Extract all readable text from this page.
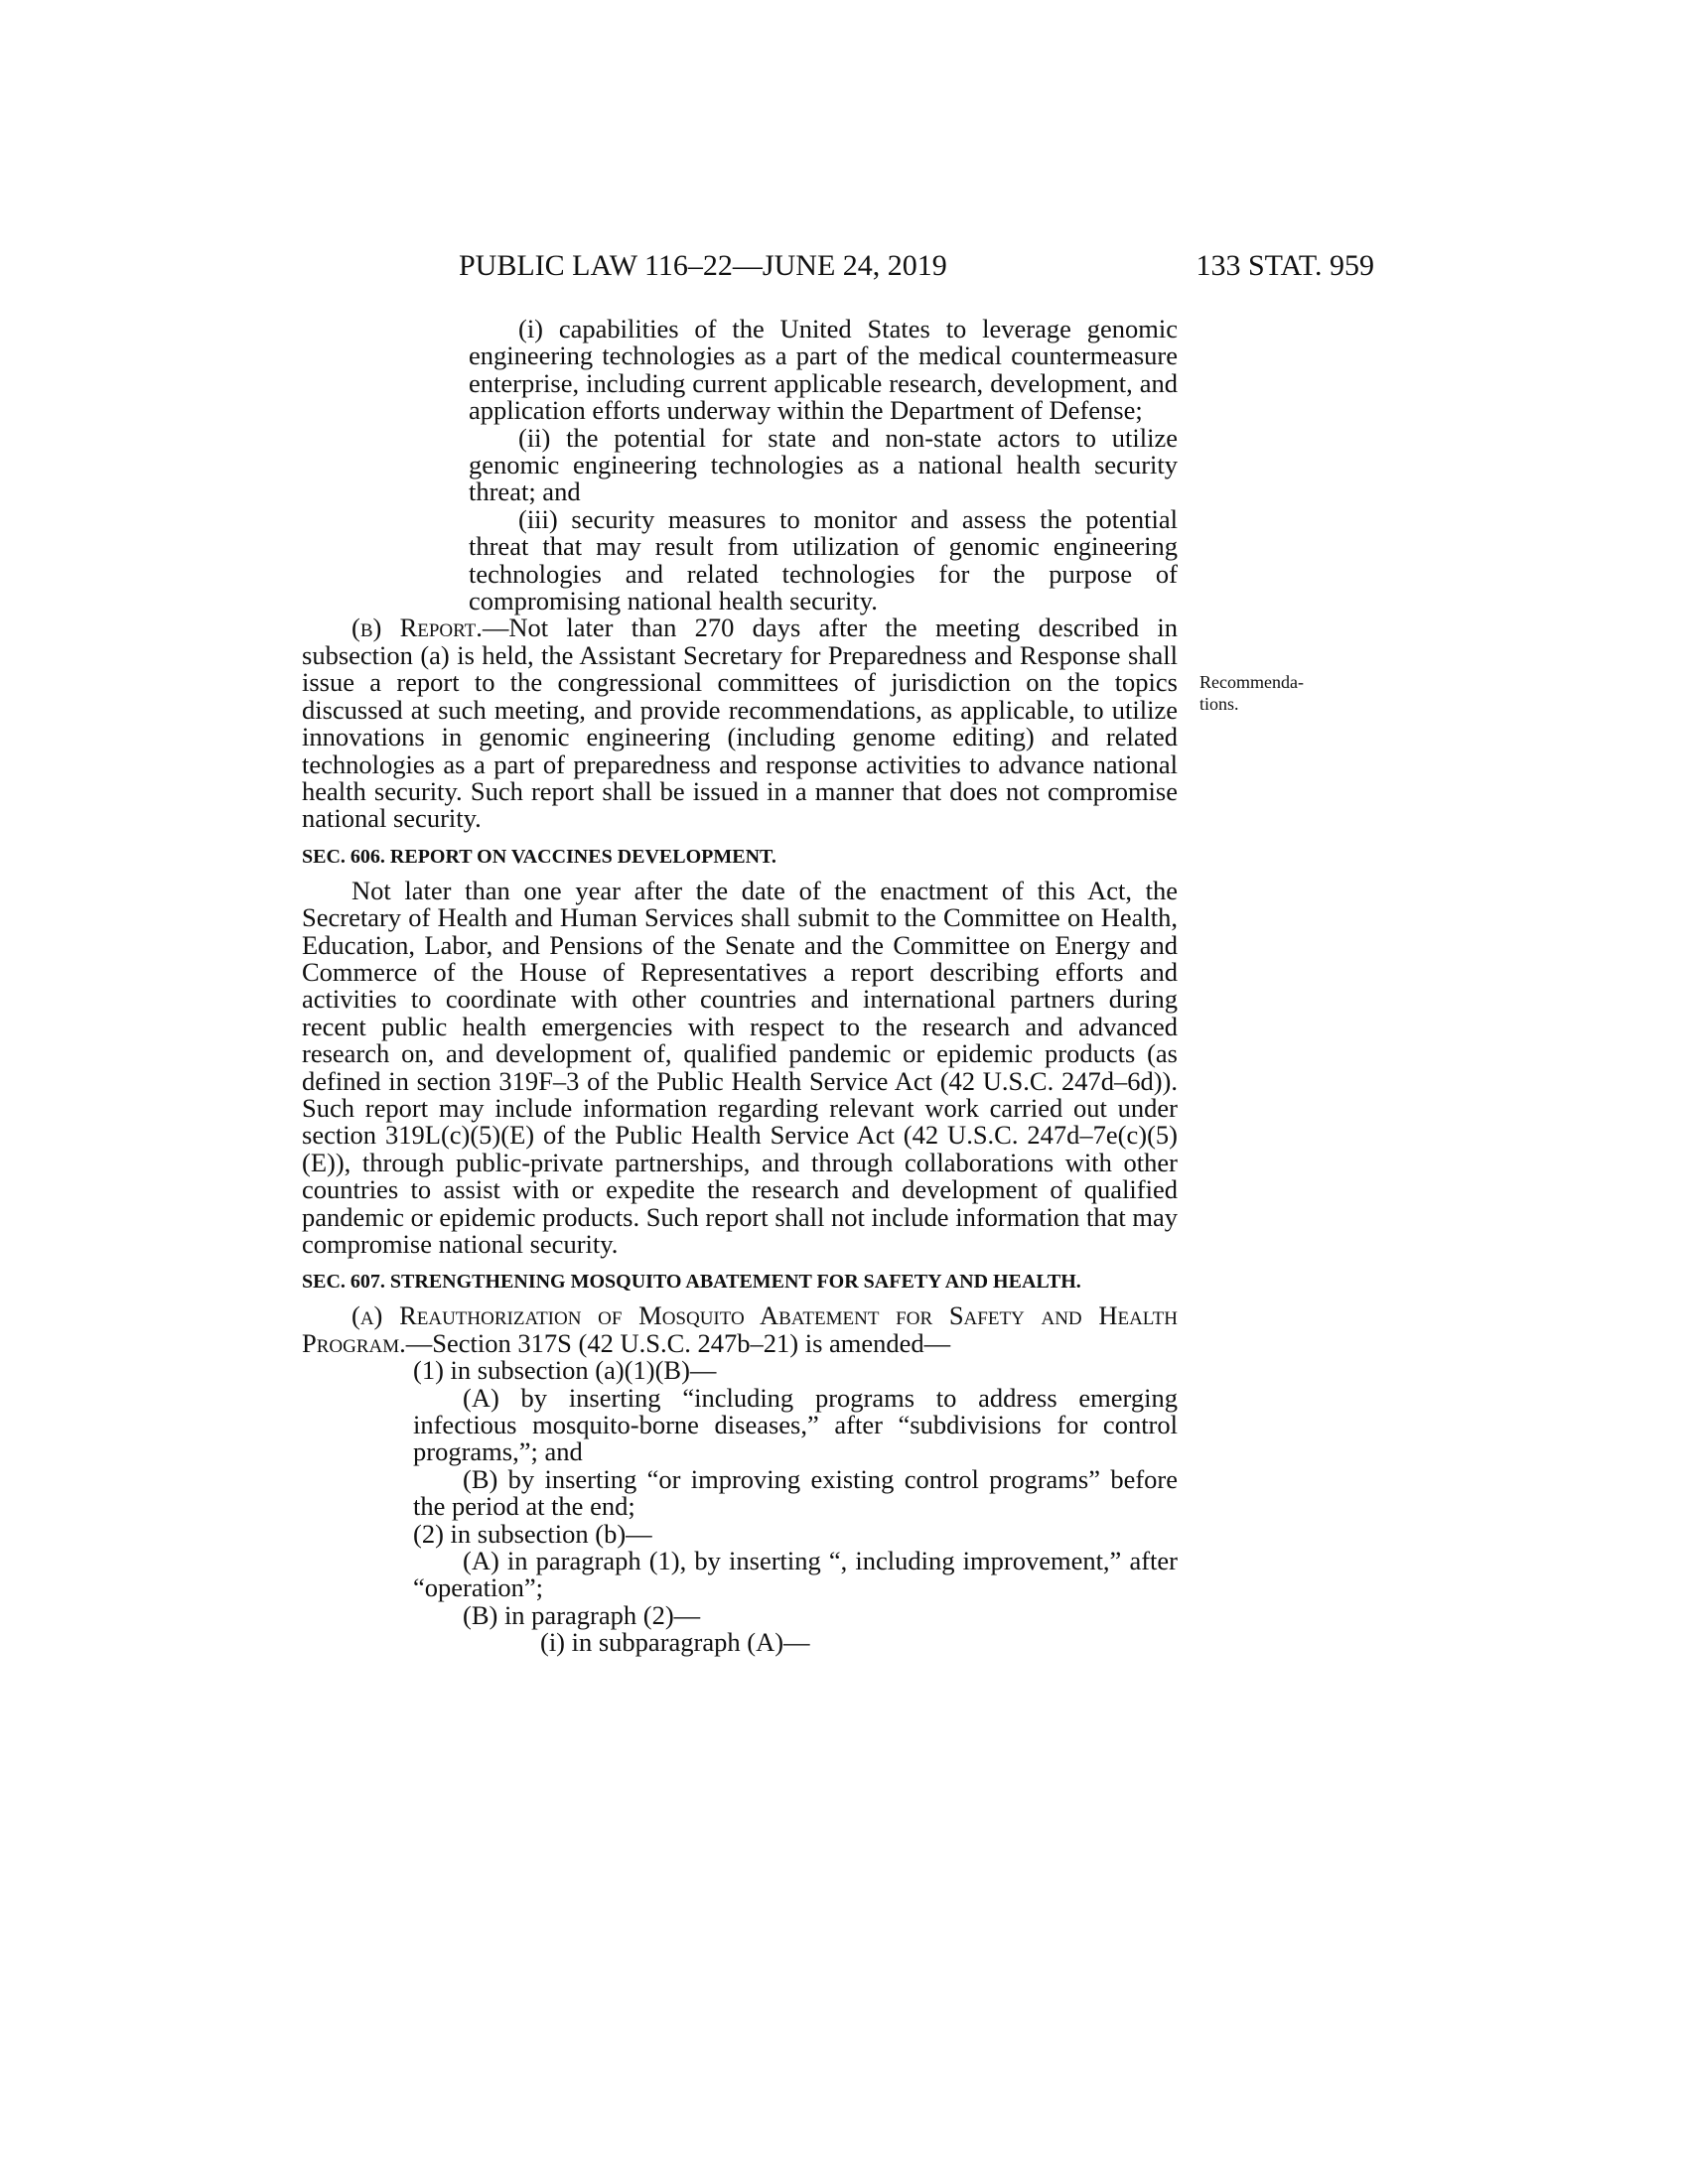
PUBLIC LAW 116–22—JUNE 24, 2019	133 STAT. 959
Recommenda-
tions.

(i) capabilities of the United States to leverage genomic engineering technologies as a part of the medical countermeasure enterprise, including current applicable research, development, and application efforts underway within the Department of Defense;

(ii) the potential for state and non-state actors to utilize genomic engineering technologies as a national health security threat; and

(iii) security measures to monitor and assess the potential threat that may result from utilization of genomic engineering technologies and related technologies for the purpose of compromising national health security.

(b) Report.—Not later than 270 days after the meeting described in subsection (a) is held, the Assistant Secretary for Preparedness and Response shall issue a report to the congressional committees of jurisdiction on the topics discussed at such meeting, and provide recommendations, as applicable, to utilize innovations in genomic engineering (including genome editing) and related technologies as a part of preparedness and response activities to advance national health security. Such report shall be issued in a manner that does not compromise national security.

SEC. 606. REPORT ON VACCINES DEVELOPMENT.

Not later than one year after the date of the enactment of this Act, the Secretary of Health and Human Services shall submit to the Committee on Health, Education, Labor, and Pensions of the Senate and the Committee on Energy and Commerce of the House of Representatives a report describing efforts and activities to coordinate with other countries and international partners during recent public health emergencies with respect to the research and advanced research on, and development of, qualified pandemic or epidemic products (as defined in section 319F–3 of the Public Health Service Act (42 U.S.C. 247d–6d)). Such report may include information regarding relevant work carried out under section 319L(c)(5)(E) of the Public Health Service Act (42 U.S.C. 247d–7e(c)(5)(E)), through public-private partnerships, and through collaborations with other countries to assist with or expedite the research and development of qualified pandemic or epidemic products. Such report shall not include information that may compromise national security.

SEC. 607. STRENGTHENING MOSQUITO ABATEMENT FOR SAFETY AND HEALTH.

(a) Reauthorization of Mosquito Abatement for Safety and Health Program.—Section 317S (42 U.S.C. 247b–21) is amended—

(1) in subsection (a)(1)(B)—

(A) by inserting “including programs to address emerging infectious mosquito-borne diseases,” after “subdivisions for control programs,”; and

(B) by inserting “or improving existing control programs” before the period at the end;

(2) in subsection (b)—

(A) in paragraph (1), by inserting “, including improvement,” after “operation”;

(B) in paragraph (2)—

(i) in subparagraph (A)—
